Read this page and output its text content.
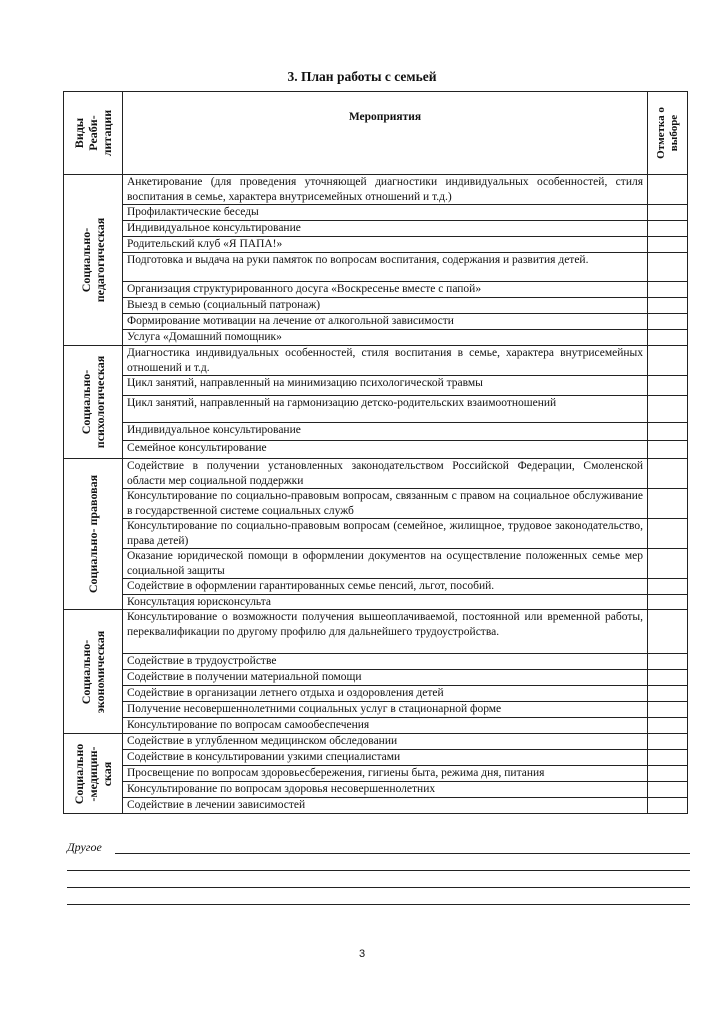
3. План работы с семьей
Виды
Реаби-
литации	Мероприятия	Отметка о
выборе

Социально-
педагогическая	Анкетирование (для проведения уточняющей диагностики индивидуальных особенностей, стиля воспитания в семье, характера внутрисемейных отношений и т.д.)	
	Профилактические беседы	
	Индивидуальное консультирование	
	Родительский клуб «Я ПАПА!»	
	Подготовка и выдача на руки памяток по вопросам воспитания, содержания и развития детей.	
	Организация структурированного досуга «Воскресенье вместе с папой»	
	Выезд в семью (социальный патронаж)	
	Формирование мотивации на лечение от алкогольной зависимости	
	Услуга «Домашний помощник»	

Социально-
психологическая	Диагностика индивидуальных особенностей, стиля воспитания в семье, характера внутрисемейных отношений и т.д.	
	Цикл занятий, направленный на минимизацию психологической травмы	
	Цикл занятий, направленный на гармонизацию детско-родительских взаимоотношений	
	Индивидуальное консультирование	
	Семейное консультирование	

Социально- правовая	Содействие в получении установленных законодательством Российской Федерации, Смоленской области мер социальной поддержки	
	Консультирование по социально-правовым вопросам, связанным с правом на социальное обслуживание в государственной системе социальных служб	
	Консультирование по социально-правовым вопросам (семейное, жилищное, трудовое законодательство, права детей)	
	Оказание юридической помощи в оформлении документов на осуществление положенных семье мер социальной защиты	
	Содействие в оформлении гарантированных семье пенсий, льгот, пособий.	
	Консультация юрисконсульта	

Социально-
экономическая	Консультирование о возможности получения вышеоплачиваемой, постоянной или временной работы, переквалификации по другому профилю для дальнейшего трудоустройства.	
	Содействие в трудоустройстве	
	Содействие в получении материальной помощи	
	Содействие в организации летнего отдыха и оздоровления детей	
	Получение несовершеннолетними социальных услуг в стационарной форме	
	Консультирование по вопросам самообеспечения	

Социально
-медицин-
ская	Содействие в углубленном медицинском обследовании	
	Содействие в консультировании узкими специалистами	
	Просвещение по вопросам здоровьесбережения, гигиены быта, режима дня, питания	
	Консультирование по вопросам здоровья несовершеннолетних	
	Содействие в лечении зависимостей	
Другое
3
